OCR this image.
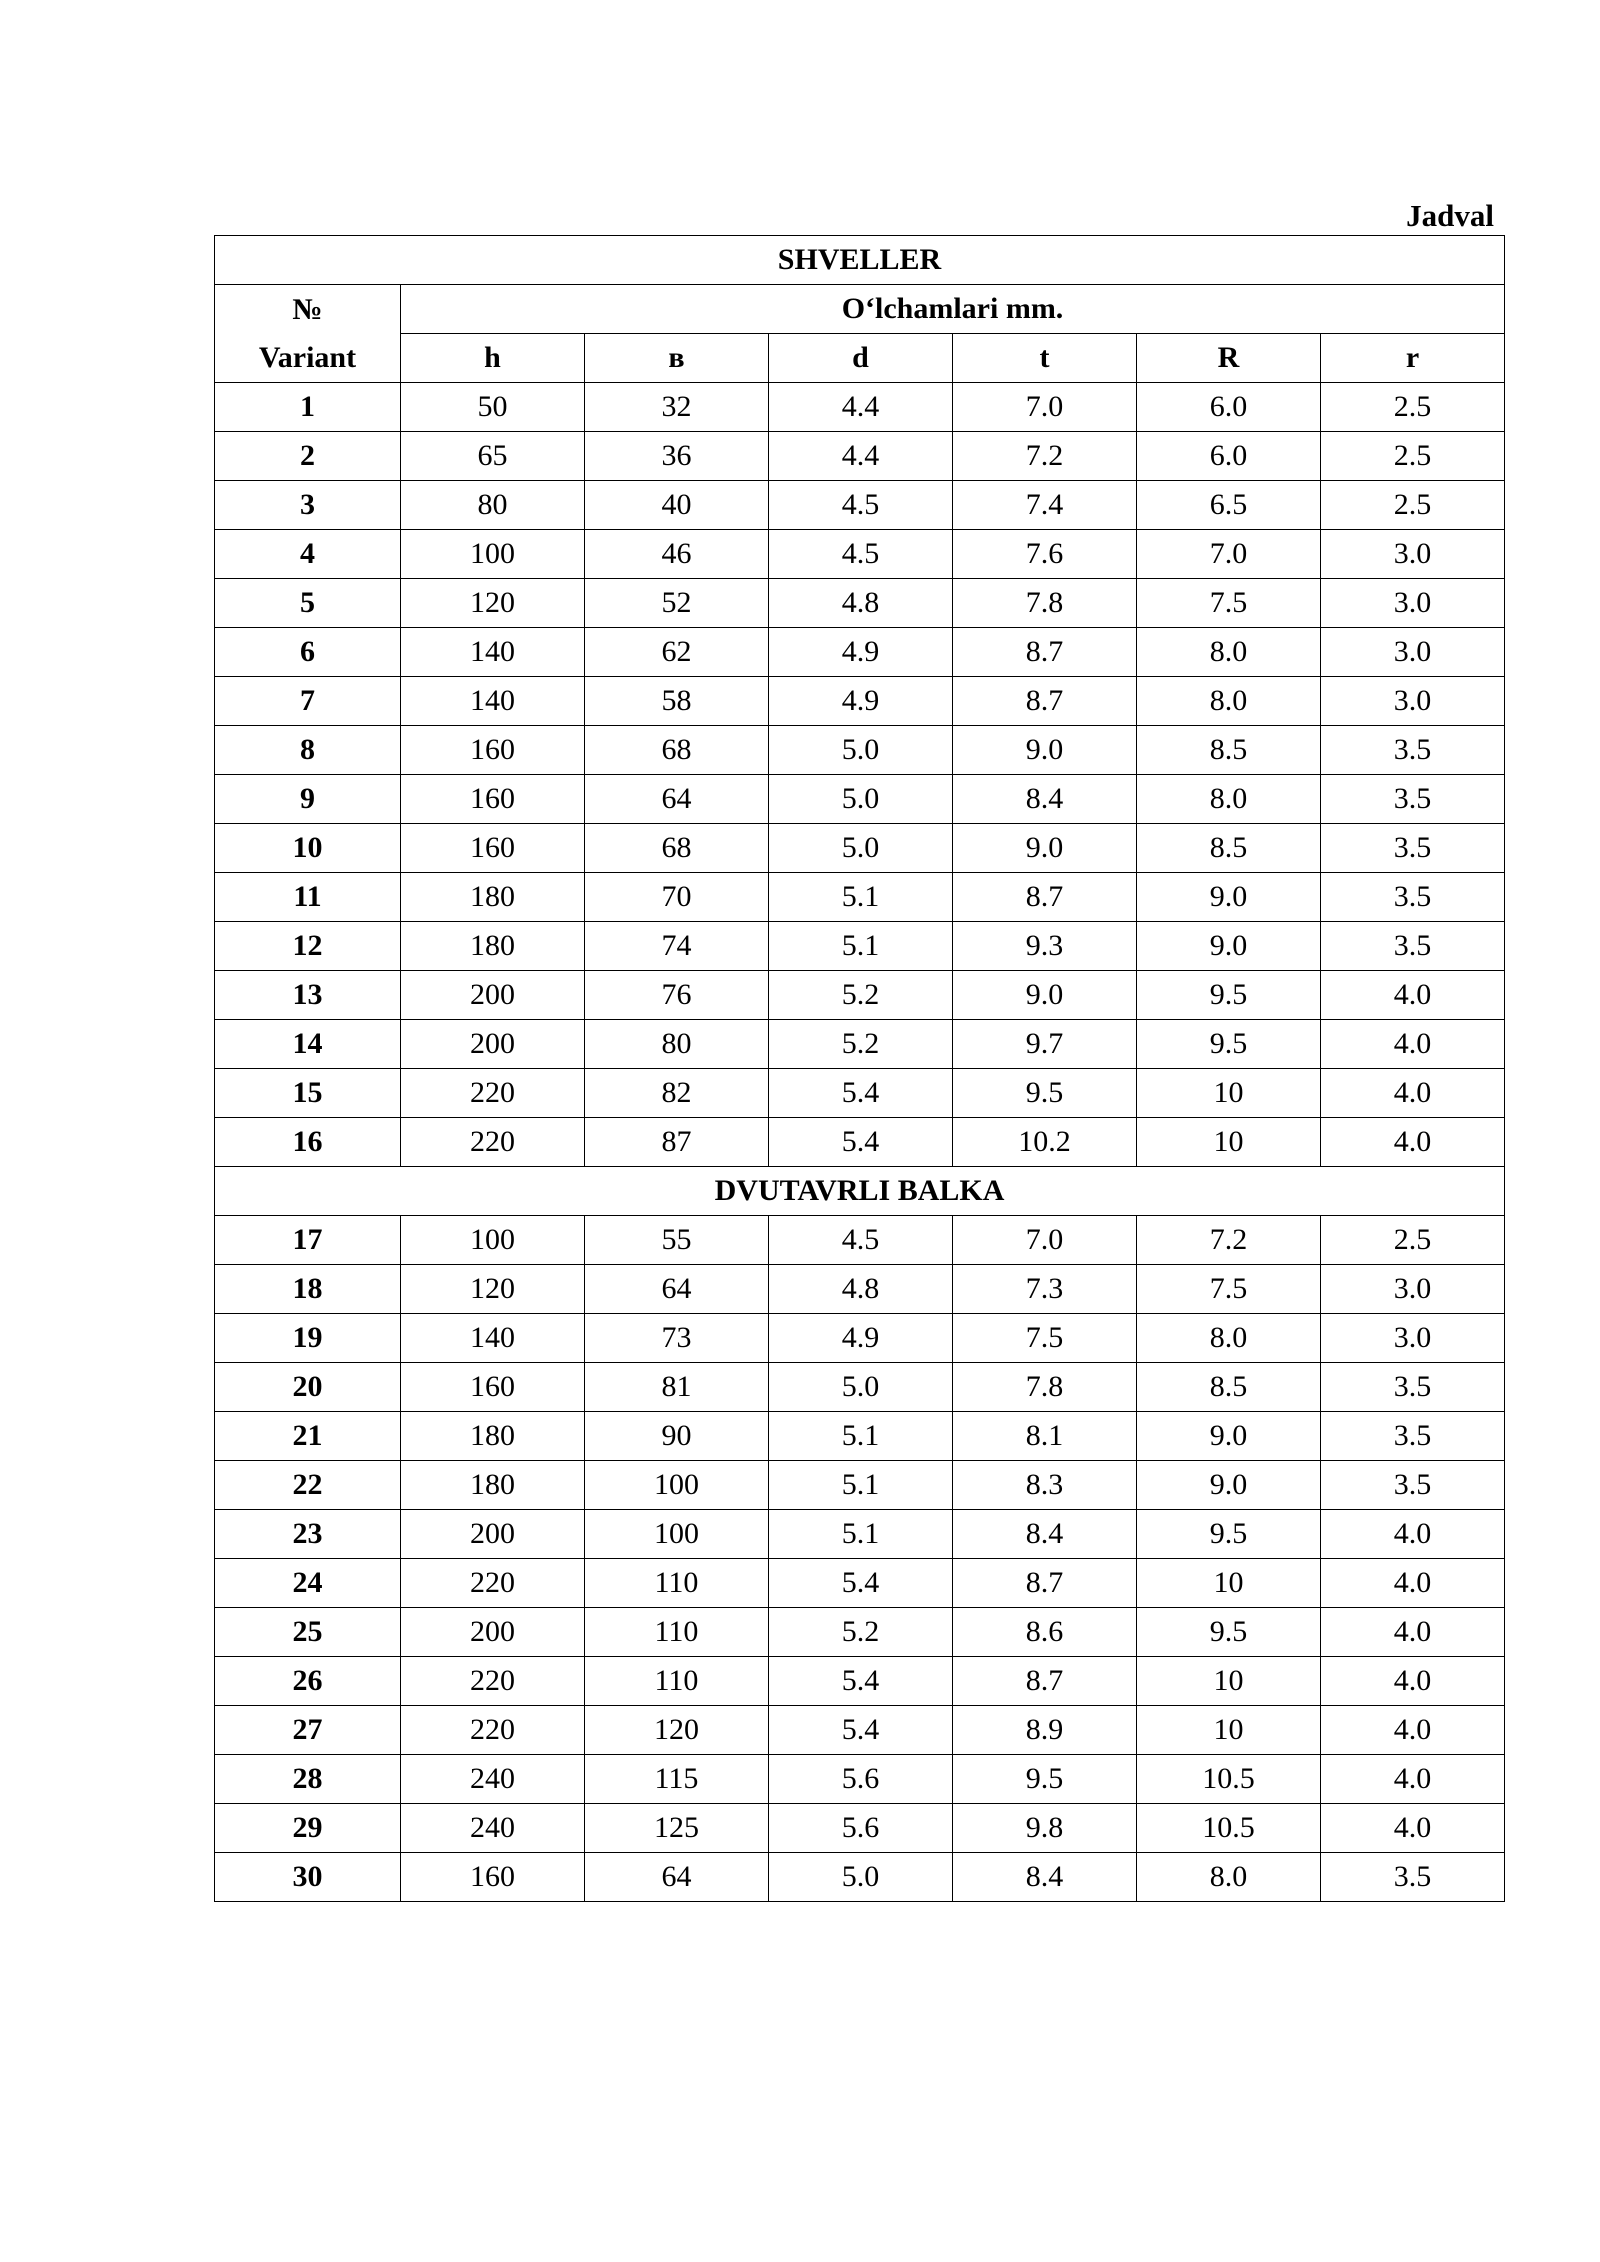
Jadval
SHVELLER						

№
Variant	O‘lchamlari mm.					
	h	в	d	t	R	r
1	50	32	4.4	7.0	6.0	2.5
2	65	36	4.4	7.2	6.0	2.5
3	80	40	4.5	7.4	6.5	2.5
4	100	46	4.5	7.6	7.0	3.0
5	120	52	4.8	7.8	7.5	3.0
6	140	62	4.9	8.7	8.0	3.0
7	140	58	4.9	8.7	8.0	3.0
8	160	68	5.0	9.0	8.5	3.5
9	160	64	5.0	8.4	8.0	3.5
10	160	68	5.0	9.0	8.5	3.5
11	180	70	5.1	8.7	9.0	3.5
12	180	74	5.1	9.3	9.0	3.5
13	200	76	5.2	9.0	9.5	4.0
14	200	80	5.2	9.7	9.5	4.0
15	220	82	5.4	9.5	10	4.0
16	220	87	5.4	10.2	10	4.0
DVUTAVRLI BALKA						
17	100	55	4.5	7.0	7.2	2.5
18	120	64	4.8	7.3	7.5	3.0
19	140	73	4.9	7.5	8.0	3.0
20	160	81	5.0	7.8	8.5	3.5
21	180	90	5.1	8.1	9.0	3.5
22	180	100	5.1	8.3	9.0	3.5
23	200	100	5.1	8.4	9.5	4.0
24	220	110	5.4	8.7	10	4.0
25	200	110	5.2	8.6	9.5	4.0
26	220	110	5.4	8.7	10	4.0
27	220	120	5.4	8.9	10	4.0
28	240	115	5.6	9.5	10.5	4.0
29	240	125	5.6	9.8	10.5	4.0
30	160	64	5.0	8.4	8.0	3.5
